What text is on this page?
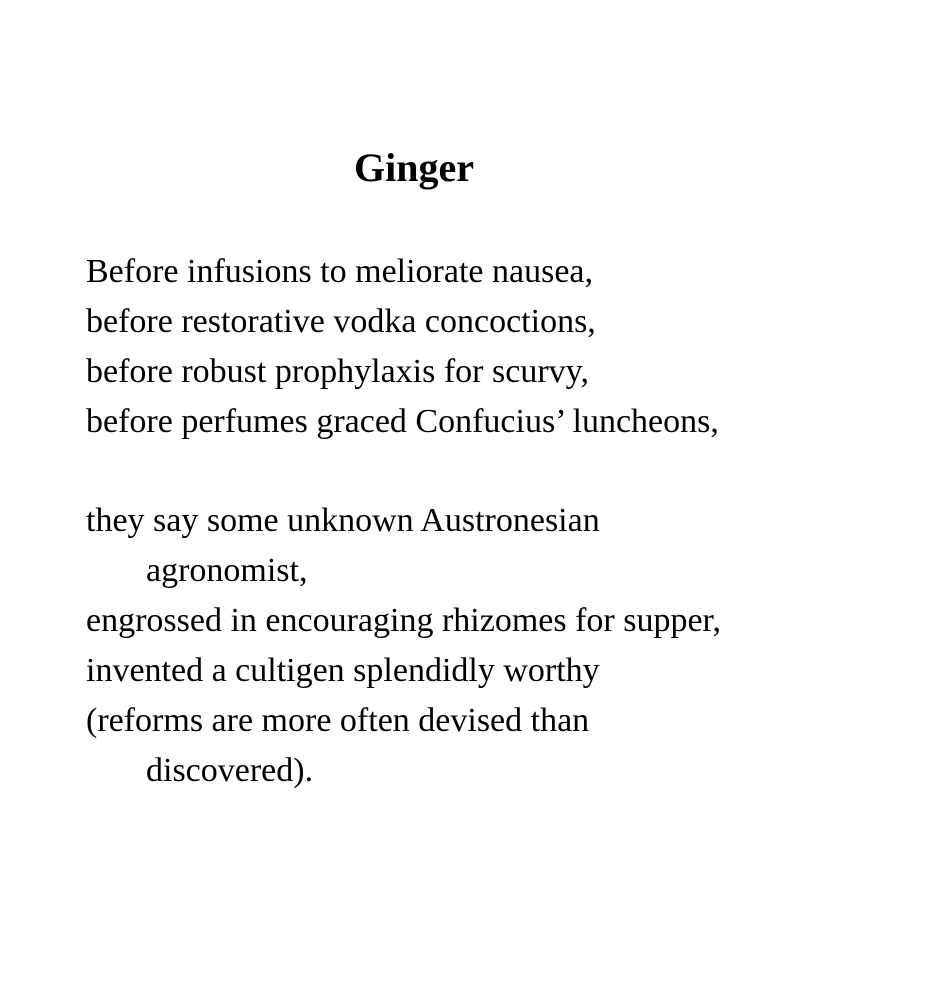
Ginger
Before infusions to meliorate nausea,
before restorative vodka concoctions,
before robust prophylaxis for scurvy,
before perfumes graced Confucius’ luncheons,
they say some unknown Austronesian
agronomist,
engrossed in encouraging rhizomes for supper,
invented a cultigen splendidly worthy
(reforms are more often devised than
discovered).
